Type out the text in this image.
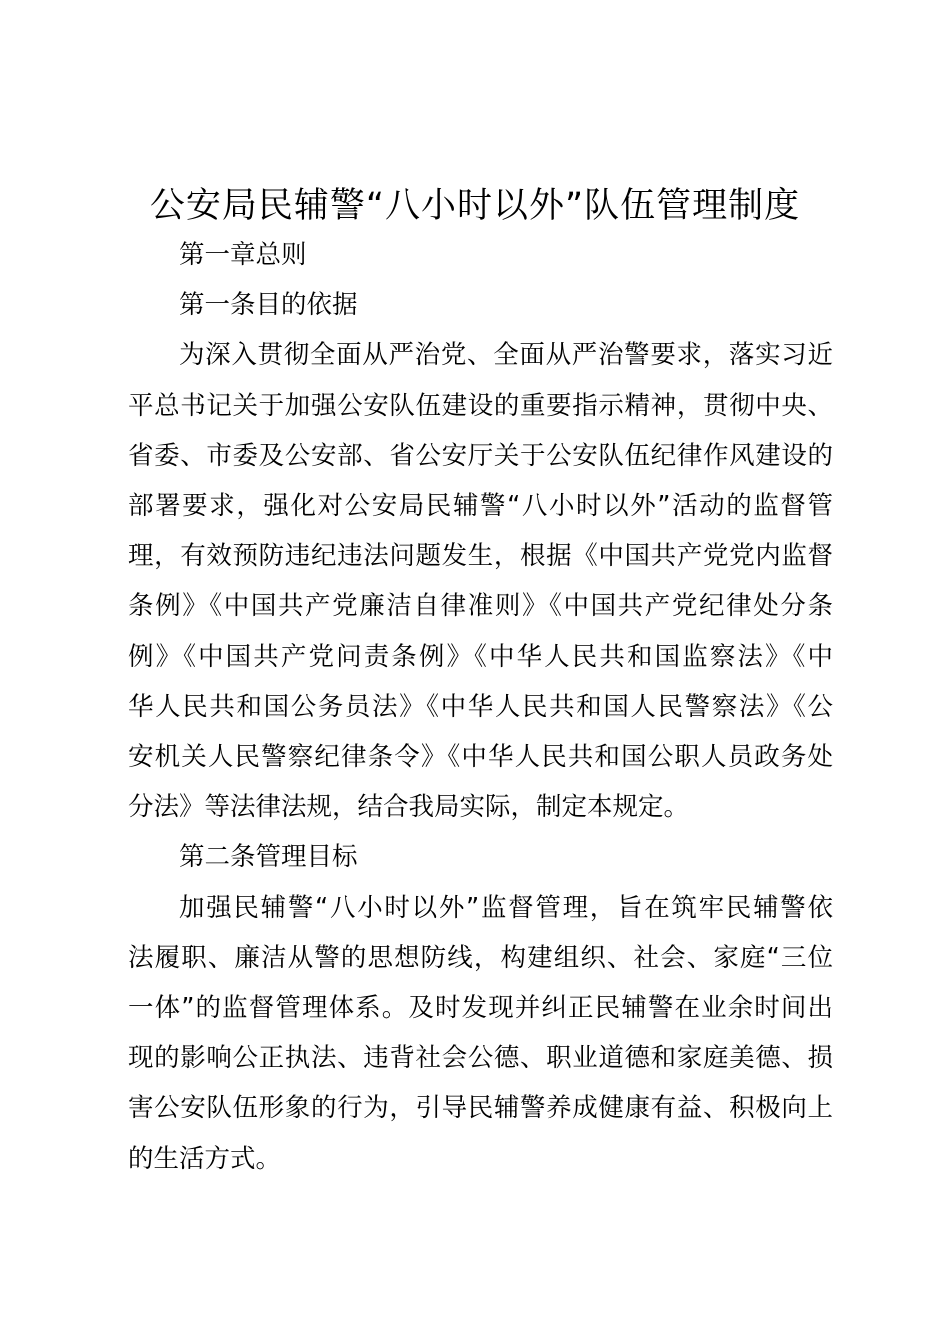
公安局民辅警“八小时以外”队伍管理制度

第一章总则

第一条目的依据

为深入贯彻全面从严治党、全面从严治警要求，落实习近
平总书记关于加强公安队伍建设的重要指示精神，贯彻中央、
省委、市委及公安部、省公安厅关于公安队伍纪律作风建设的
部署要求，强化对公安局民辅警“八小时以外”活动的监督管
理，有效预防违纪违法问题发生，根据《中国共产党党内监督
条例》《中国共产党廉洁自律准则》《中国共产党纪律处分条
例》《中国共产党问责条例》《中华人民共和国监察法》《中
华人民共和国公务员法》《中华人民共和国人民警察法》《公
安机关人民警察纪律条令》《中华人民共和国公职人员政务处
分法》等法律法规，结合我局实际，制定本规定。

第二条管理目标

加强民辅警“八小时以外”监督管理，旨在筑牢民辅警依
法履职、廉洁从警的思想防线，构建组织、社会、家庭“三位
一体”的监督管理体系。及时发现并纠正民辅警在业余时间出
现的影响公正执法、违背社会公德、职业道德和家庭美德、损
害公安队伍形象的行为，引导民辅警养成健康有益、积极向上
的生活方式。
